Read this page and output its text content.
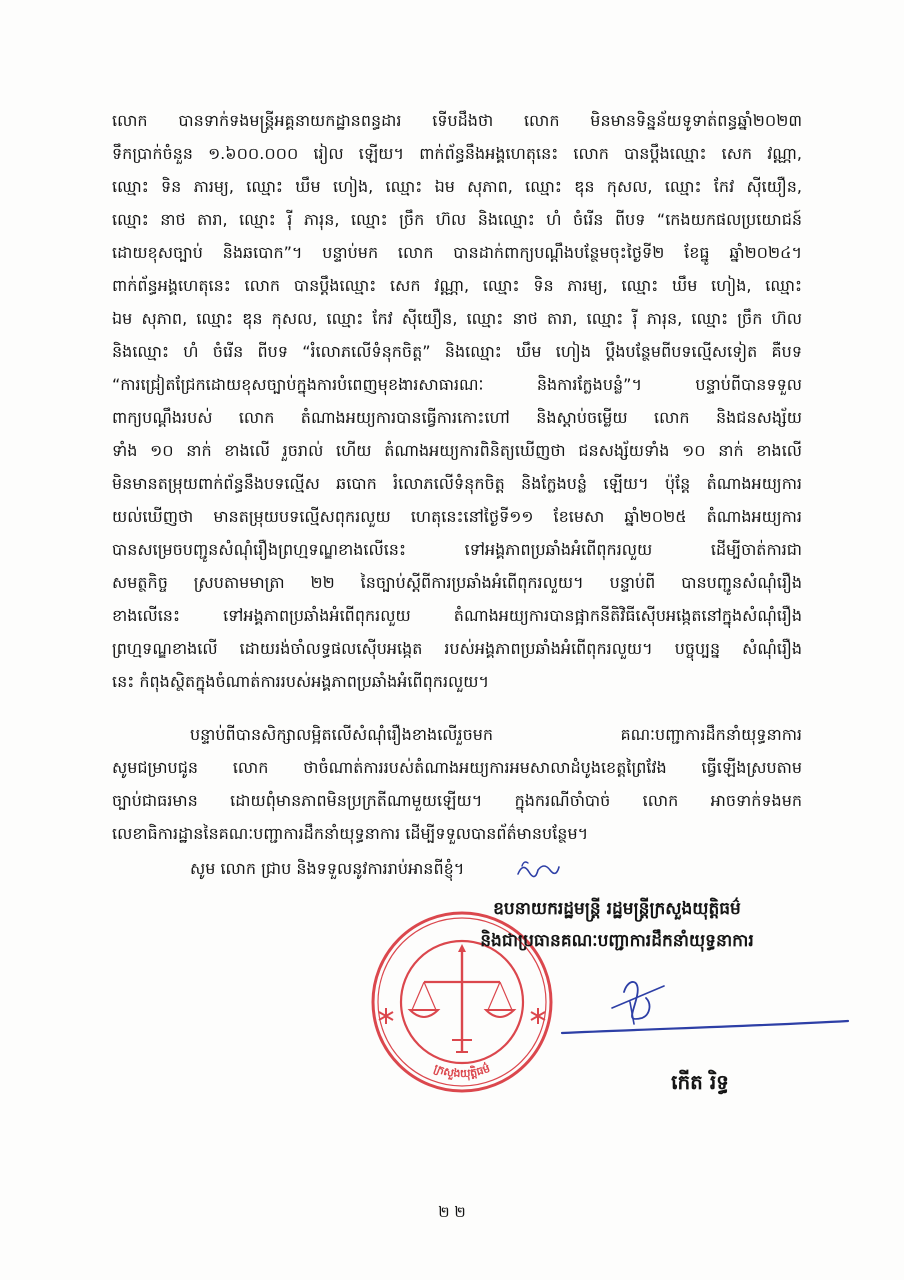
ក្រសួងយុត្តិធម៌
លោក បានទាក់ទងមន្ត្រីអគ្គនាយកដ្ឋានពន្ធដារ ទើបដឹងថា លោក មិនមានទិន្នន័យទូទាត់ពន្ធឆ្នាំ២០២៣
ទឹកប្រាក់ចំនួន ១.៦០០.០០០ រៀល ឡើយ។ ពាក់ព័ន្ធនឹងអង្គហេតុនេះ លោក បានប្ដឹងឈ្មោះ សេក វណ្ណា,
ឈ្មោះ ទិន ភារម្យ, ឈ្មោះ ឃឹម ហៀង, ឈ្មោះ ឯម សុភាព, ឈ្មោះ ឌុន កុសល, ឈ្មោះ កែវ ស៊ីយឿន,
ឈ្មោះ នាថ តារា, ឈ្មោះ រ៉ី ភារុន, ឈ្មោះ ច្រឹក ហ៊ល និងឈ្មោះ ហំ ចំរើន ពីបទ “កេងយកផលប្រយោជន៍
ដោយខុសច្បាប់ និងឆបោក”។ បន្ទាប់មក លោក បានដាក់ពាក្យបណ្ដឹងបន្ថែមចុះថ្ងៃទី២ ខែធ្នូ ឆ្នាំ២០២៤។
ពាក់ព័ន្ធអង្គហេតុនេះ លោក បានប្ដឹងឈ្មោះ សេក វណ្ណា, ឈ្មោះ ទិន ភារម្យ, ឈ្មោះ ឃឹម ហៀង, ឈ្មោះ
ឯម សុភាព, ឈ្មោះ ឌុន កុសល, ឈ្មោះ កែវ ស៊ីយឿន, ឈ្មោះ នាថ តារា, ឈ្មោះ រ៉ី ភារុន, ឈ្មោះ ច្រឹក ហ៊ល
និងឈ្មោះ ហំ ចំរើន ពីបទ “រំលោភលើទំនុកចិត្ត” និងឈ្មោះ ឃឹម ហៀង ប្ដឹងបន្ថែមពីបទល្មើសទៀត គឺបទ
“ការជ្រៀតជ្រែកដោយខុសច្បាប់ក្នុងការបំពេញមុខងារសាធារណៈ និងការក្លែងបន្លំ”។ បន្ទាប់ពីបានទទួល
ពាក្យបណ្ដឹងរបស់ លោក តំណាងអយ្យការបានធ្វើការកោះហៅ និងស្ដាប់ចម្លើយ លោក និងជនសង្ស័យ
ទាំង ១០ នាក់ ខាងលើ រួចរាល់ ហើយ តំណាងអយ្យការពិនិត្យឃើញថា ជនសង្ស័យទាំង ១០ នាក់ ខាងលើ
មិនមានតម្រុយពាក់ព័ន្ធនឹងបទល្មើស ឆបោក រំលោភលើទំនុកចិត្ត និងក្លែងបន្លំ ឡើយ។ ប៉ុន្តែ តំណាងអយ្យការ
យល់ឃើញថា មានតម្រុយបទល្មើសពុករលួយ ហេតុនេះនៅថ្ងៃទី១១ ខែមេសា ឆ្នាំ២០២៥ តំណាងអយ្យការ
បានសម្រេចបញ្ជូនសំណុំរឿងព្រហ្មទណ្ឌខាងលើនេះ ទៅអង្គភាពប្រឆាំងអំពើពុករលួយ ដើម្បីចាត់ការជា
សមត្ថកិច្ច ស្របតាមមាត្រា ២២ នៃច្បាប់ស្ដីពីការប្រឆាំងអំពើពុករលួយ។ បន្ទាប់ពី បានបញ្ជូនសំណុំរឿង
ខាងលើនេះ ទៅអង្គភាពប្រឆាំងអំពើពុករលួយ តំណាងអយ្យការបានផ្អាកនីតិវិធីស៊ើបអង្កេតនៅក្នុងសំណុំរឿង
ព្រហ្មទណ្ឌខាងលើ ដោយរង់ចាំលទ្ធផលស៊ើបអង្កេត របស់អង្គភាពប្រឆាំងអំពើពុករលួយ។ បច្ចុប្បន្ន សំណុំរឿង
នេះ កំពុងស្ថិតក្នុងចំណាត់ការរបស់អង្គភាពប្រឆាំងអំពើពុករលួយ។
បន្ទាប់ពីបានសិក្សាលម្អិតលើសំណុំរឿងខាងលើរួចមក គណៈបញ្ជាការដឹកនាំយុទ្ធនាការ
សូមជម្រាបជូន លោក ថាចំណាត់ការរបស់តំណាងអយ្យការអមសាលាដំបូងខេត្តព្រៃវែង ធ្វើឡើងស្របតាម
ច្បាប់ជាធរមាន ដោយពុំមានភាពមិនប្រក្រតីណាមួយឡើយ។ ក្នុងករណីចាំបាច់ លោក អាចទាក់ទងមក
លេខាធិការដ្ឋាននៃគណៈបញ្ជាការដឹកនាំយុទ្ធនាការ ដើម្បីទទួលបានព័ត៌មានបន្ថែម។
សូម លោក ជ្រាប និងទទួលនូវការរាប់អានពីខ្ញុំ។
ឧបនាយករដ្ឋមន្ត្រី រដ្ឋមន្ត្រីក្រសួងយុត្តិធម៌
និងជាប្រធានគណៈបញ្ជាការដឹកនាំយុទ្ធនាការ
កើត រិទ្ធ
២ ២
